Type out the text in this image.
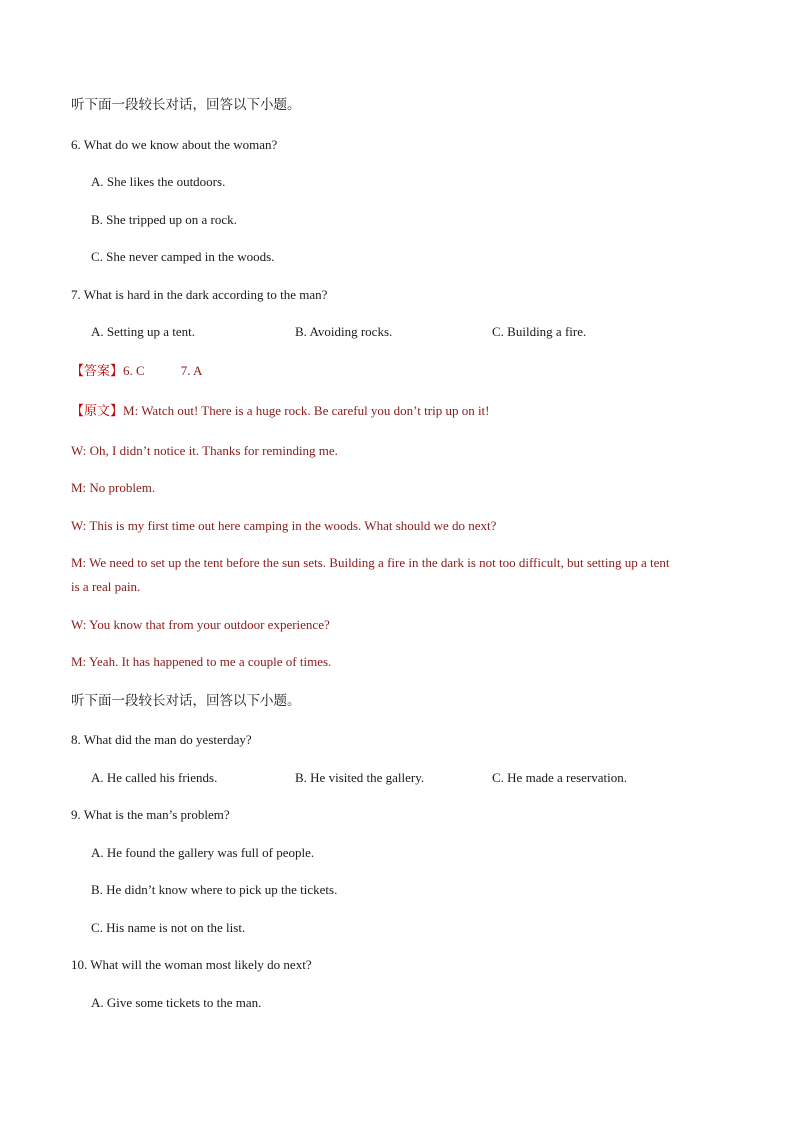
听下面一段较长对话，回答以下小题。
6. What do we know about the woman?
A. She likes the outdoors.
B. She tripped up on a rock.
C. She never camped in the woods.
7. What is hard in the dark according to the man?
A. Setting up a tent.	B. Avoiding rocks.	C. Building a fire.
【答案】6. C	7. A
【原文】M: Watch out! There is a huge rock. Be careful you don’t trip up on it!
W: Oh, I didn’t notice it. Thanks for reminding me.
M: No problem.
W: This is my first time out here camping in the woods. What should we do next?
M: We need to set up the tent before the sun sets. Building a fire in the dark is not too difficult, but setting up a tent
is a real pain.
W: You know that from your outdoor experience?
M: Yeah. It has happened to me a couple of times.
听下面一段较长对话，回答以下小题。
8. What did the man do yesterday?
A. He called his friends.	B. He visited the gallery.	C. He made a reservation.
9. What is the man’s problem?
A. He found the gallery was full of people.
B. He didn’t know where to pick up the tickets.
C. His name is not on the list.
10. What will the woman most likely do next?
A. Give some tickets to the man.
